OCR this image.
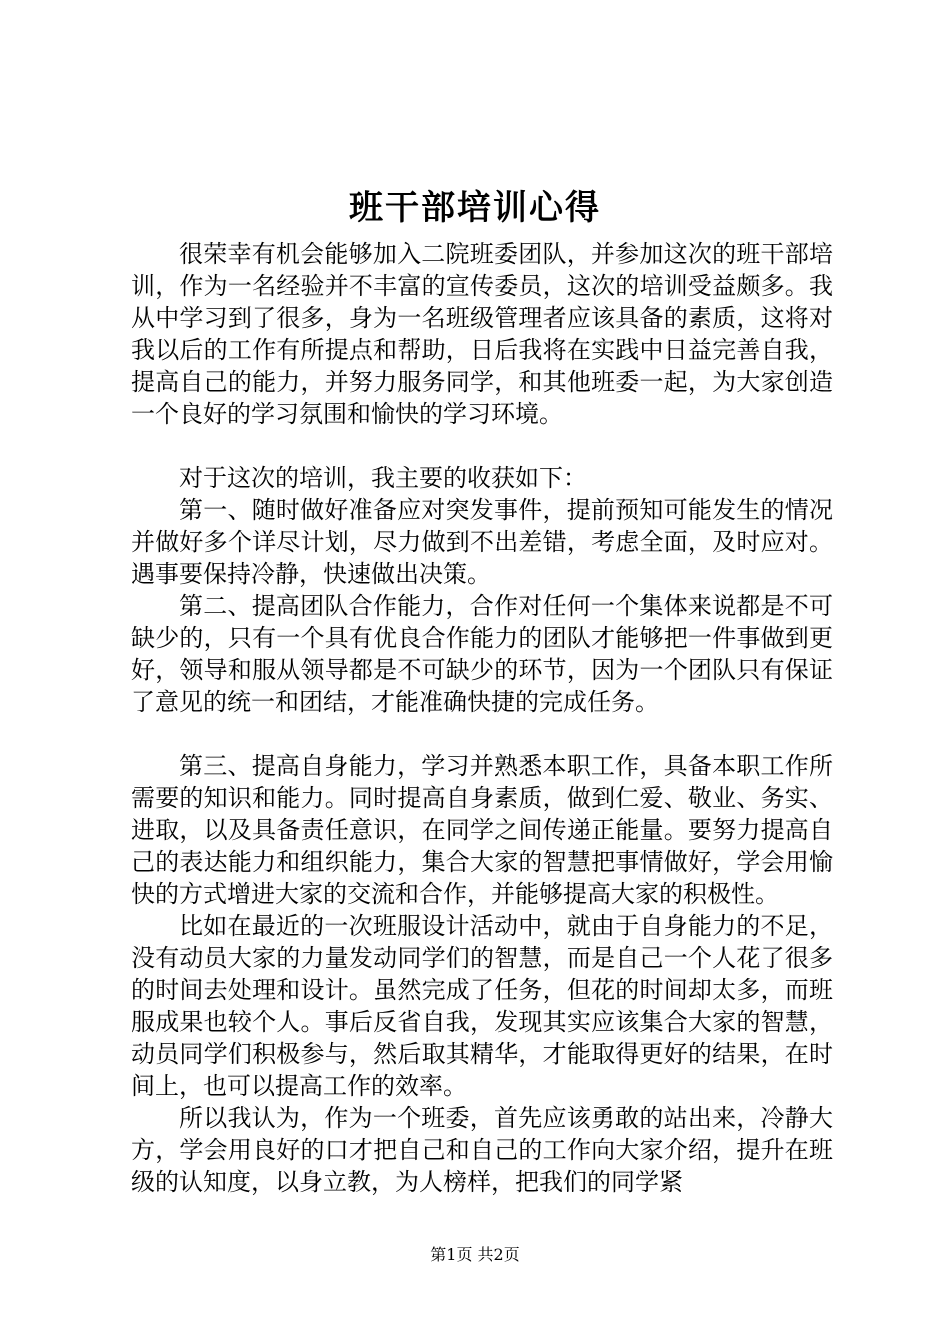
班干部培训心得

很荣幸有机会能够加入二院班委团队，并参加这次的班干部培训，作为一名经验并不丰富的宣传委员，这次的培训受益颇多。我从中学习到了很多，身为一名班级管理者应该具备的素质，这将对我以后的工作有所提点和帮助，日后我将在实践中日益完善自我，提高自己的能力，并努力服务同学，和其他班委一起，为大家创造一个良好的学习氛围和愉快的学习环境。

对于这次的培训，我主要的收获如下：

第一、随时做好准备应对突发事件，提前预知可能发生的情况并做好多个详尽计划，尽力做到不出差错，考虑全面，及时应对。遇事要保持冷静，快速做出决策。

第二、提高团队合作能力，合作对任何一个集体来说都是不可缺少的，只有一个具有优良合作能力的团队才能够把一件事做到更好，领导和服从领导都是不可缺少的环节，因为一个团队只有保证了意见的统一和团结，才能准确快捷的完成任务。

第三、提高自身能力，学习并熟悉本职工作，具备本职工作所需要的知识和能力。同时提高自身素质，做到仁爱、敬业、务实、进取，以及具备责任意识，在同学之间传递正能量。要努力提高自己的表达能力和组织能力，集合大家的智慧把事情做好，学会用愉快的方式增进大家的交流和合作，并能够提高大家的积极性。

比如在最近的一次班服设计活动中，就由于自身能力的不足，没有动员大家的力量发动同学们的智慧，而是自己一个人花了很多的时间去处理和设计。虽然完成了任务，但花的时间却太多，而班服成果也较个人。事后反省自我，发现其实应该集合大家的智慧，动员同学们积极参与，然后取其精华，才能取得更好的结果，在时间上，也可以提高工作的效率。

所以我认为，作为一个班委，首先应该勇敢的站出来，冷静大方，学会用良好的口才把自己和自己的工作向大家介绍，提升在班级的认知度，以身立教，为人榜样，把我们的同学紧

第1页 共2页
